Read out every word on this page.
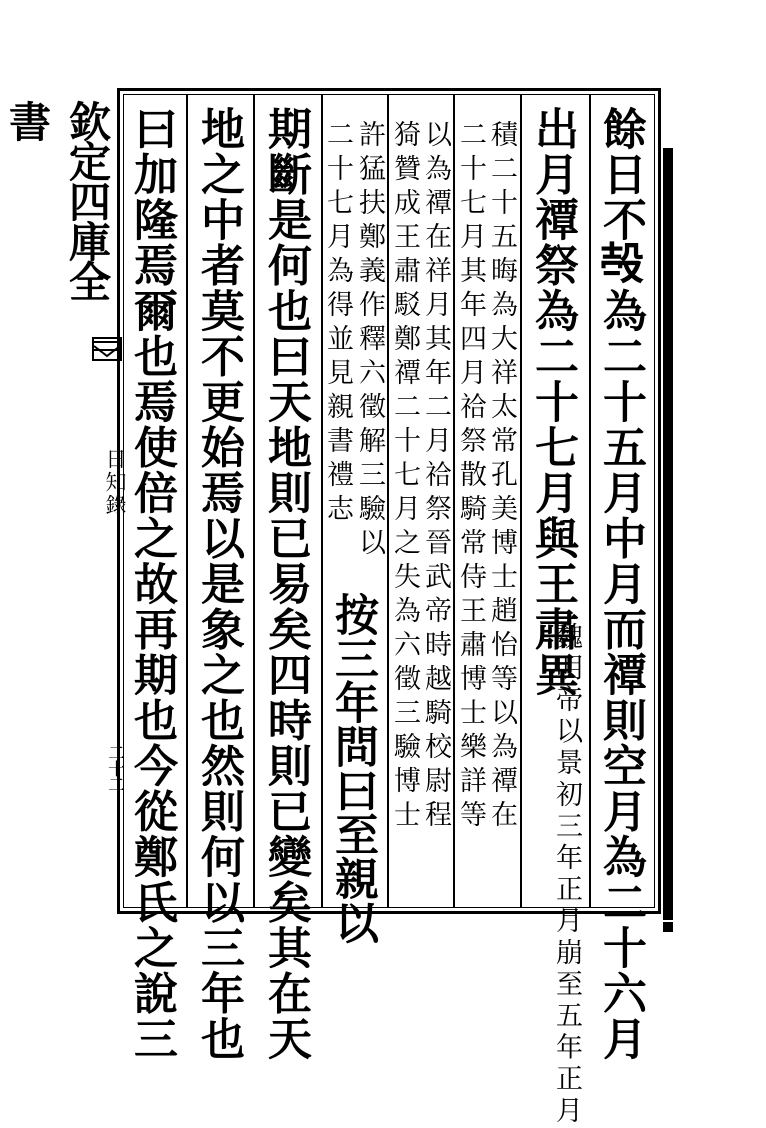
餘日不𣪊為二十五月中月而禫則空月為二十六月
出月禫祭為二十七月與王肅異
魏明帝以景初三年正月崩至五年正月
積二十五晦為大祥太常孔美博士趙怡等以為禫在
二十七月其年四月祫祭散騎常侍王肅博士樂詳等
以為禫在祥月其年二月祫祭晉武帝時越騎校尉程
猗贊成王肅駁鄭禫二十七月之失為六徵三驗博士
許猛扶鄭義作釋六徵解三驗以
按三年問曰至親以
二十七月為得並見親書禮志
期斷是何也曰天地則已易矣四時則已變矣其在天
地之中者莫不更始焉以是象之也然則何以三年也
曰加隆焉爾也焉使倍之故再期也今從鄭氏之說三
欽定四庫全書
日知錄
二十二
